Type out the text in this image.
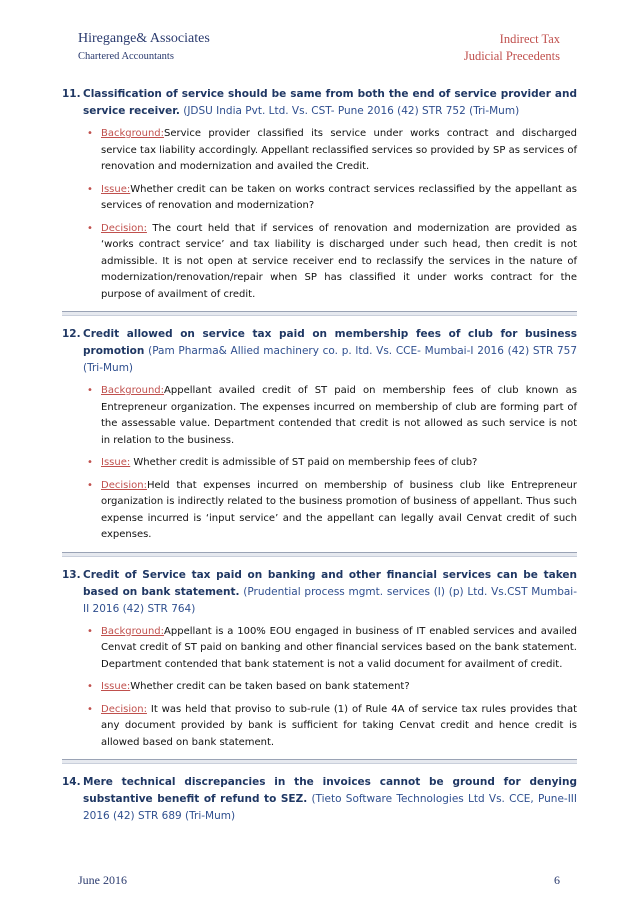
Hiregange& Associates
Chartered Accountants
Indirect Tax
Judicial Precedents
11. Classification of service should be same from both the end of service provider and service receiver. (JDSU India Pvt. Ltd. Vs. CST- Pune 2016 (42) STR 752 (Tri-Mum)
• Background:Service provider classified its service under works contract and discharged service tax liability accordingly. Appellant reclassified services so provided by SP as services of renovation and modernization and availed the Credit.
• Issue:Whether credit can be taken on works contract services reclassified by the appellant as services of renovation and modernization?
• Decision: The court held that if services of renovation and modernization are provided as ‘works contract service’ and tax liability is discharged under such head, then credit is not admissible. It is not open at service receiver end to reclassify the services in the nature of modernization/renovation/repair when SP has classified it under works contract for the purpose of availment of credit.
12. Credit allowed on service tax paid on membership fees of club for business promotion (Pam Pharma& Allied machinery co. p. ltd. Vs. CCE- Mumbai-I 2016 (42) STR 757 (Tri-Mum)
• Background:Appellant availed credit of ST paid on membership fees of club known as Entrepreneur organization. The expenses incurred on membership of club are forming part of the assessable value. Department contended that credit is not allowed as such service is not in relation to the business.
• Issue: Whether credit is admissible of ST paid on membership fees of club?
• Decision:Held that expenses incurred on membership of business club like Entrepreneur organization is indirectly related to the business promotion of business of appellant. Thus such expense incurred is ‘input service’ and the appellant can legally avail Cenvat credit of such expenses.
13. Credit of Service tax paid on banking and other financial services can be taken based on bank statement. (Prudential process mgmt. services (I) (p) Ltd. Vs.CST Mumbai-II 2016 (42) STR 764)
• Background:Appellant is a 100% EOU engaged in business of IT enabled services and availed Cenvat credit of ST paid on banking and other financial services based on the bank statement. Department contended that bank statement is not a valid document for availment of credit.
• Issue:Whether credit can be taken based on bank statement?
• Decision: It was held that proviso to sub-rule (1) of Rule 4A of service tax rules provides that any document provided by bank is sufficient for taking Cenvat credit and hence credit is allowed based on bank statement.
14. Mere technical discrepancies in the invoices cannot be ground for denying substantive benefit of refund to SEZ. (Tieto Software Technologies Ltd Vs. CCE, Pune-III 2016 (42) STR 689 (Tri-Mum)
June 2016	6
